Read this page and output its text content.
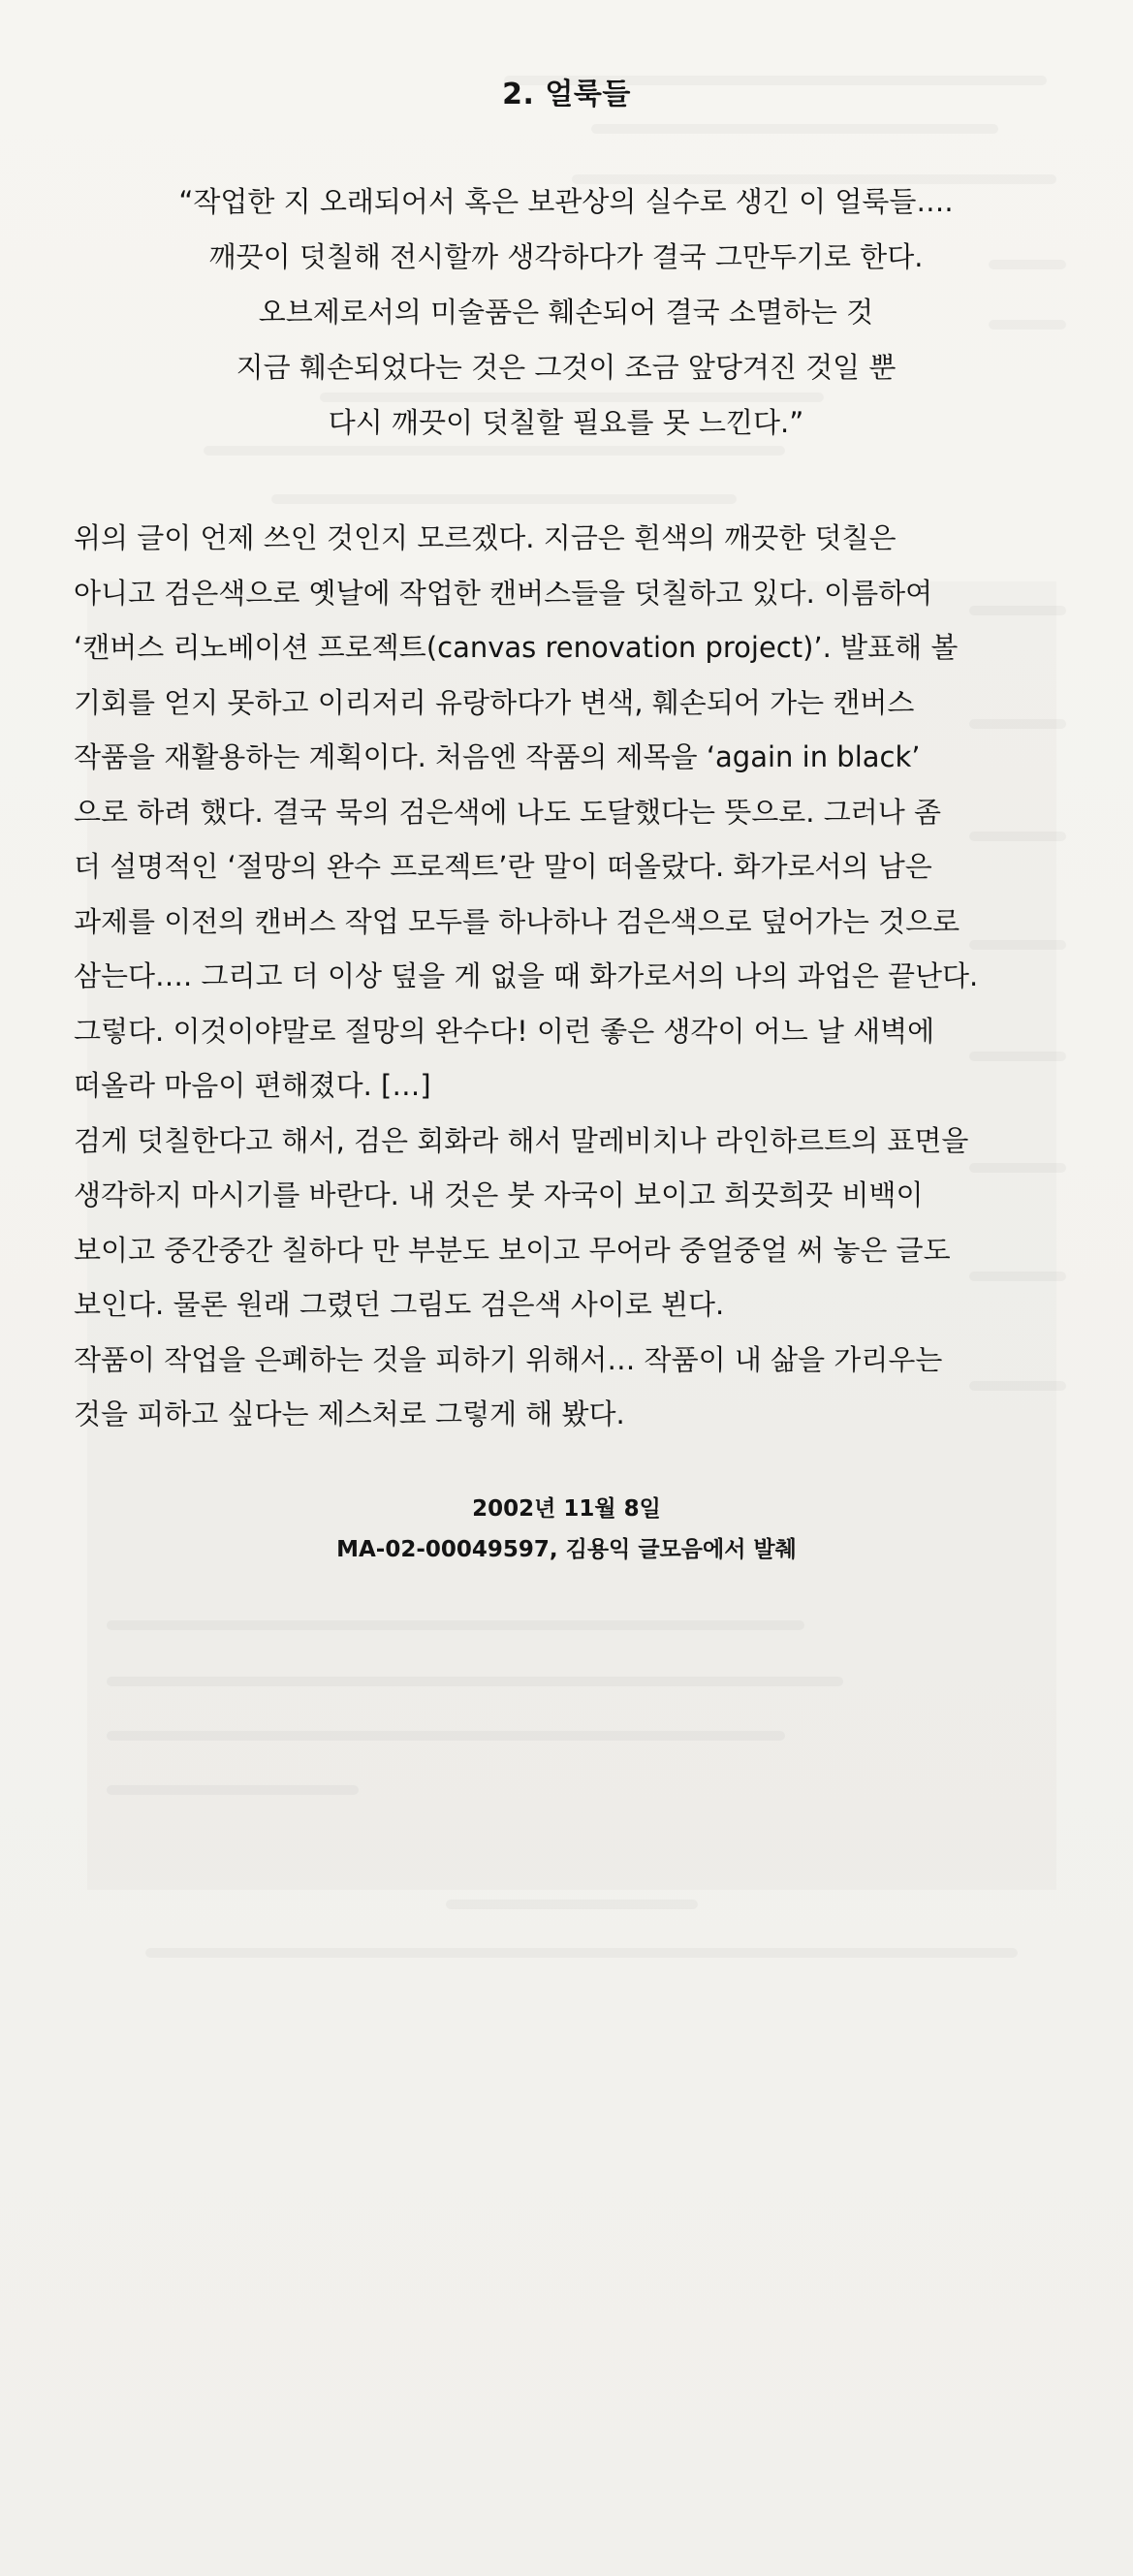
2. 얼룩들
“작업한 지 오래되어서 혹은 보관상의 실수로 생긴 이 얼룩들….
깨끗이 덧칠해 전시할까 생각하다가 결국 그만두기로 한다.
오브제로서의 미술품은 훼손되어 결국 소멸하는 것
지금 훼손되었다는 것은 그것이 조금 앞당겨진 것일 뿐
다시 깨끗이 덧칠할 필요를 못 느낀다.”
위의 글이 언제 쓰인 것인지 모르겠다. 지금은 흰색의 깨끗한 덧칠은
아니고 검은색으로 옛날에 작업한 캔버스들을 덧칠하고 있다. 이름하여
‘캔버스 리노베이션 프로젝트(canvas renovation project)’. 발표해 볼
기회를 얻지 못하고 이리저리 유랑하다가 변색, 훼손되어 가는 캔버스
작품을 재활용하는 계획이다. 처음엔 작품의 제목을 ‘again in black’
으로 하려 했다. 결국 묵의 검은색에 나도 도달했다는 뜻으로. 그러나 좀
더 설명적인 ‘절망의 완수 프로젝트’란 말이 떠올랐다. 화가로서의 남은
과제를 이전의 캔버스 작업 모두를 하나하나 검은색으로 덮어가는 것으로
삼는다…. 그리고 더 이상 덮을 게 없을 때 화가로서의 나의 과업은 끝난다.
그렇다. 이것이야말로 절망의 완수다! 이런 좋은 생각이 어느 날 새벽에
떠올라 마음이 편해졌다. […]
검게 덧칠한다고 해서, 검은 회화라 해서 말레비치나 라인하르트의 표면을
생각하지 마시기를 바란다. 내 것은 붓 자국이 보이고 희끗희끗 비백이
보이고 중간중간 칠하다 만 부분도 보이고 무어라 중얼중얼 써 놓은 글도
보인다. 물론 원래 그렸던 그림도 검은색 사이로 뵌다.
작품이 작업을 은폐하는 것을 피하기 위해서… 작품이 내 삶을 가리우는
것을 피하고 싶다는 제스처로 그렇게 해 봤다.
2002년 11월 8일
MA-02-00049597, 김용익 글모음에서 발췌
